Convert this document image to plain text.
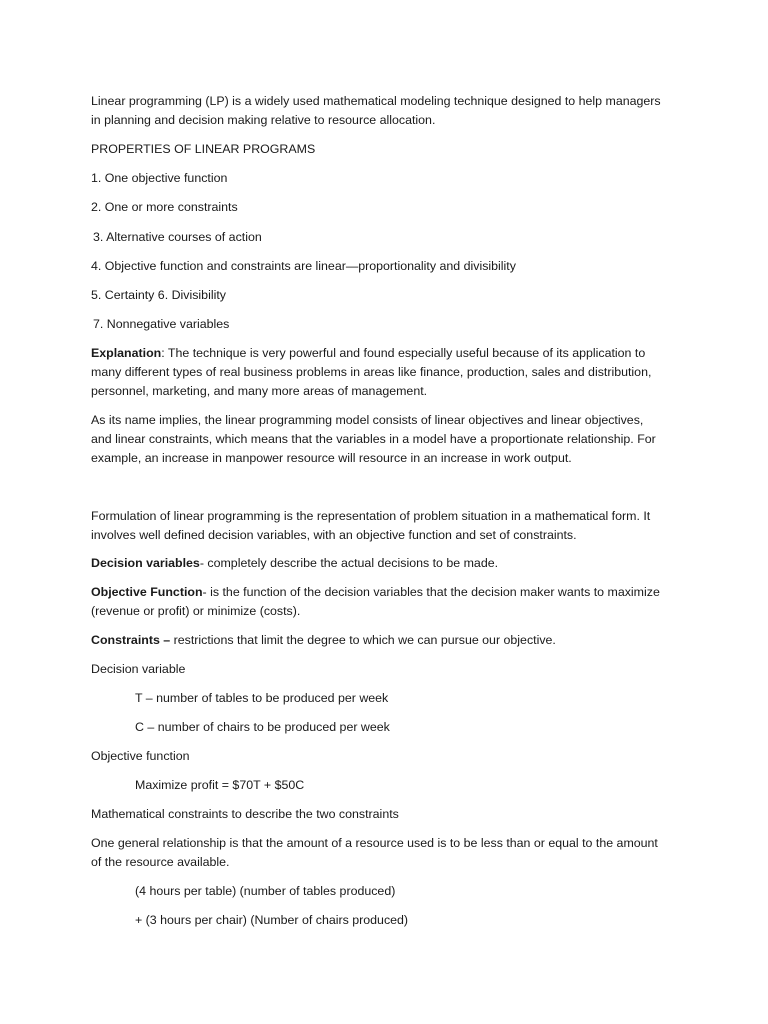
Linear programming (LP) is a widely used mathematical modeling technique designed to help managers
in planning and decision making relative to resource allocation.
PROPERTIES OF LINEAR PROGRAMS
1. One objective function
2. One or more constraints
3. Alternative courses of action
4. Objective function and constraints are linear—proportionality and divisibility
5. Certainty 6. Divisibility
7. Nonnegative variables
Explanation: The technique is very powerful and found especially useful because of its application to
many different types of real business problems in areas like finance, production, sales and distribution,
personnel, marketing, and many more areas of management.
As its name implies, the linear programming model consists of linear objectives and linear objectives,
and linear constraints, which means that the variables in a model have a proportionate relationship. For
example, an increase in manpower resource will resource in an increase in work output.
Formulation of linear programming is the representation of problem situation in a mathematical form. It
involves well defined decision variables, with an objective function and set of constraints.
Decision variables- completely describe the actual decisions to be made.
Objective Function- is the function of the decision variables that the decision maker wants to maximize
(revenue or profit) or minimize (costs).
Constraints – restrictions that limit the degree to which we can pursue our objective.
Decision variable
T – number of tables to be produced per week
C – number of chairs to be produced per week
Objective function
Maximize profit = $70T + $50C
Mathematical constraints to describe the two constraints
One general relationship is that the amount of a resource used is to be less than or equal to the amount
of the resource available.
(4 hours per table) (number of tables produced)
+ (3 hours per chair) (Number of chairs produced)
